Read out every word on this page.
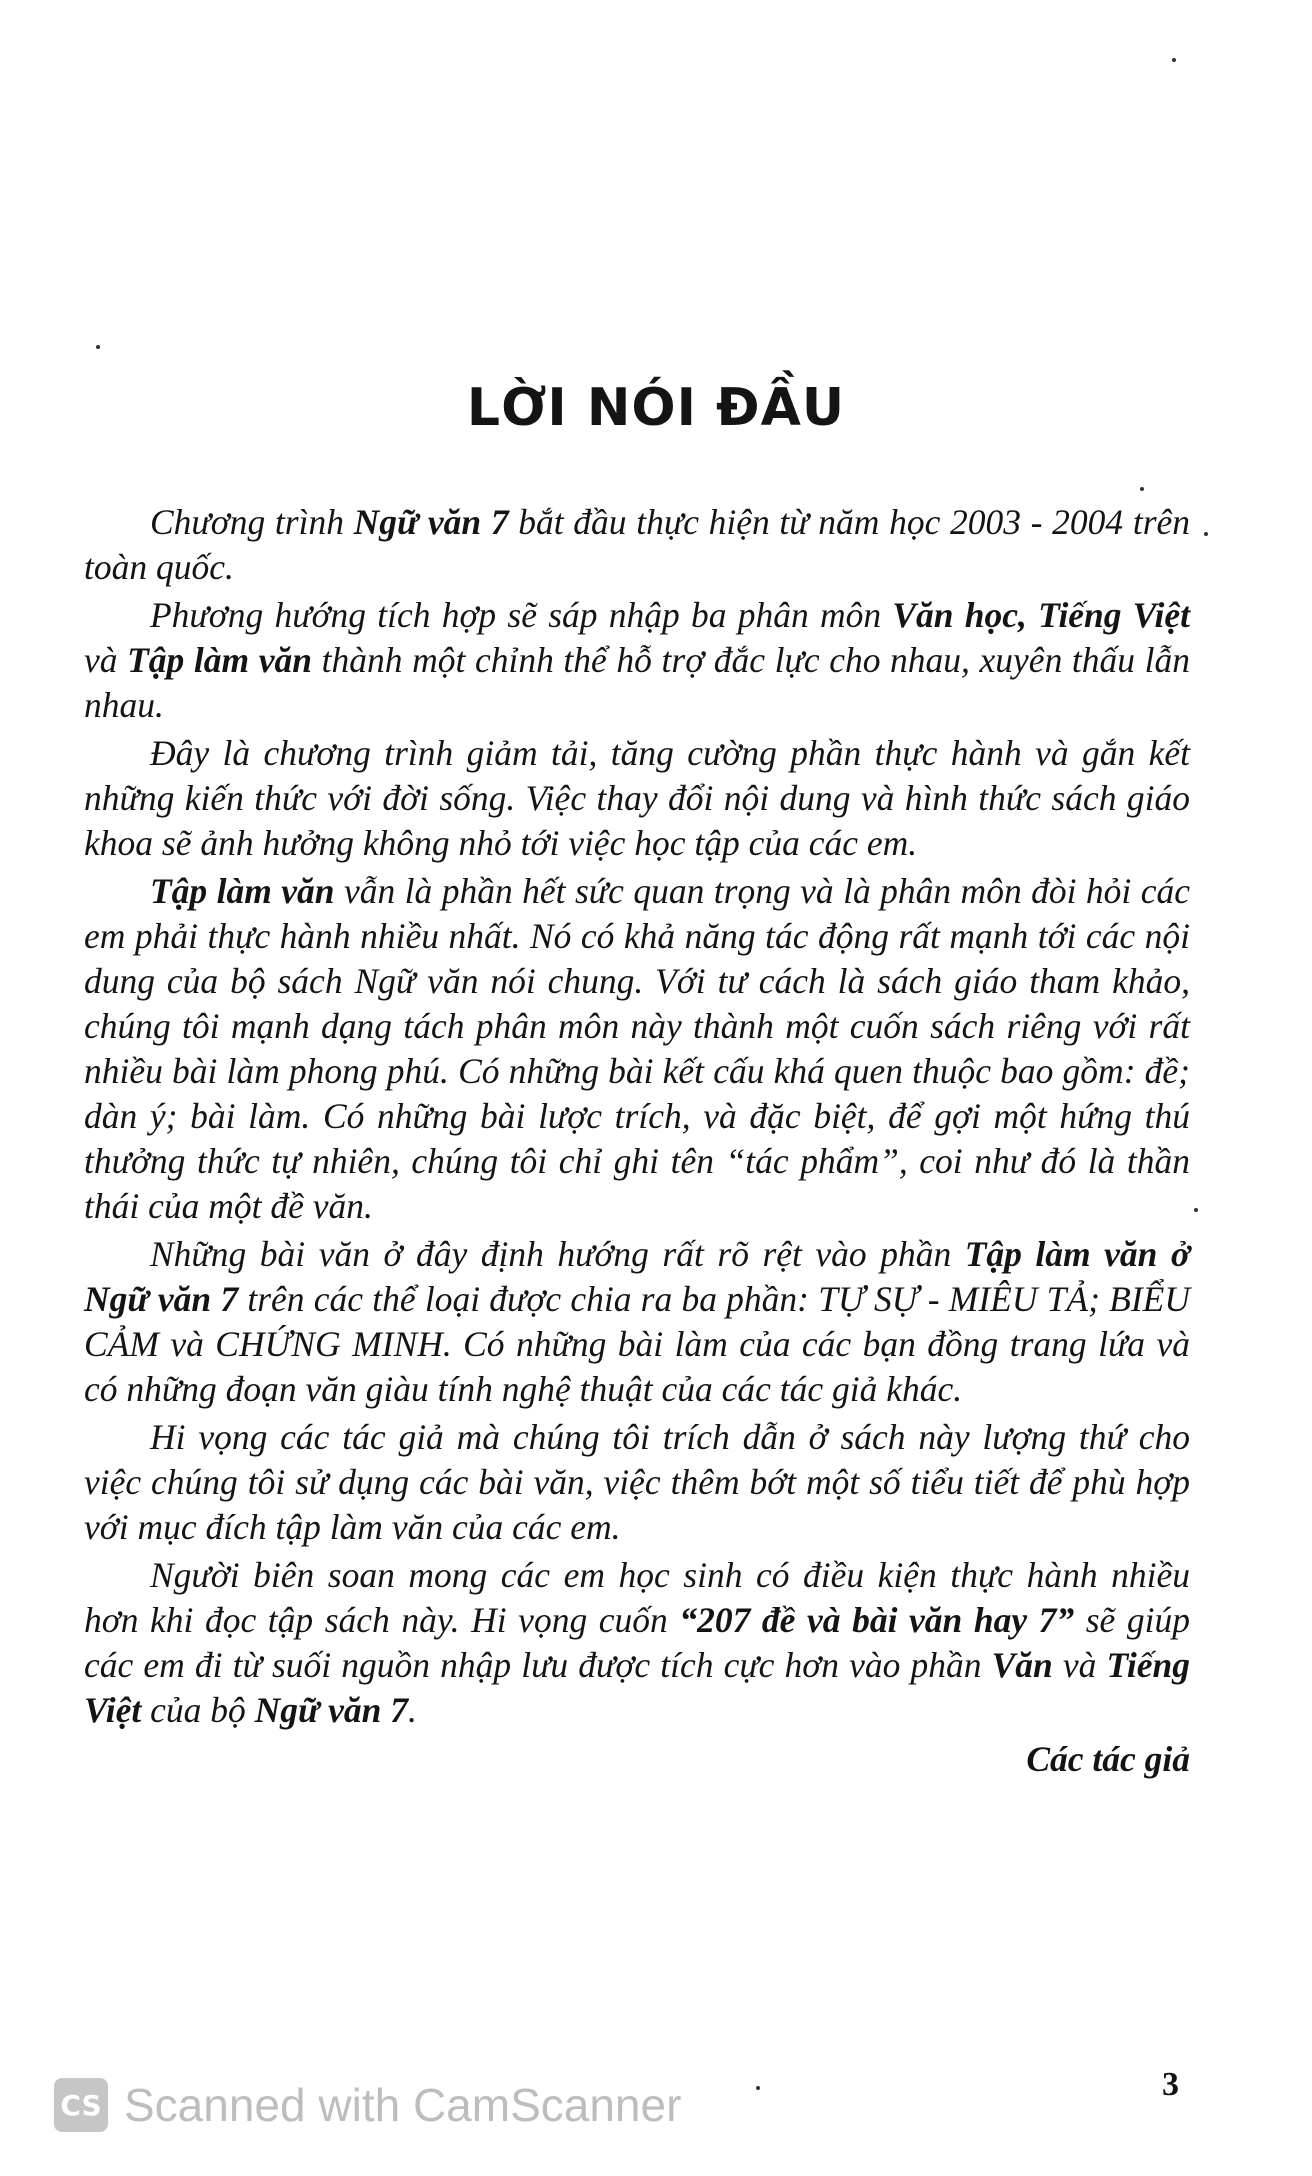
LỜI NÓI ĐẦU

Chương trình Ngữ văn 7 bắt đầu thực hiện từ năm học 2003 - 2004 trên toàn quốc.

Phương hướng tích hợp sẽ sáp nhập ba phân môn Văn học, Tiếng Việt và Tập làm văn thành một chỉnh thể hỗ trợ đắc lực cho nhau, xuyên thấu lẫn nhau.

Đây là chương trình giảm tải, tăng cường phần thực hành và gắn kết những kiến thức với đời sống. Việc thay đổi nội dung và hình thức sách giáo khoa sẽ ảnh hưởng không nhỏ tới việc học tập của các em.

Tập làm văn vẫn là phần hết sức quan trọng và là phân môn đòi hỏi các em phải thực hành nhiều nhất. Nó có khả năng tác động rất mạnh tới các nội dung của bộ sách Ngữ văn nói chung. Với tư cách là sách giáo tham khảo, chúng tôi mạnh dạng tách phân môn này thành một cuốn sách riêng với rất nhiều bài làm phong phú. Có những bài kết cấu khá quen thuộc bao gồm: đề; dàn ý; bài làm. Có những bài lược trích, và đặc biệt, để gợi một hứng thú thưởng thức tự nhiên, chúng tôi chỉ ghi tên “tác phẩm”, coi như đó là thần thái của một đề văn.

Những bài văn ở đây định hướng rất rõ rệt vào phần Tập làm văn ở Ngữ văn 7 trên các thể loại được chia ra ba phần: TỰ SỰ - MIÊU TẢ; BIỂU CẢM và CHỨNG MINH. Có những bài làm của các bạn đồng trang lứa và có những đoạn văn giàu tính nghệ thuật của các tác giả khác.

Hi vọng các tác giả mà chúng tôi trích dẫn ở sách này lượng thứ cho việc chúng tôi sử dụng các bài văn, việc thêm bớt một số tiểu tiết để phù hợp với mục đích tập làm văn của các em.

Người biên soan mong các em học sinh có điều kiện thực hành nhiều hơn khi đọc tập sách này. Hi vọng cuốn “207 đề và bài văn hay 7” sẽ giúp các em đi từ suối nguồn nhập lưu được tích cực hơn vào phần Văn và Tiếng Việt của bộ Ngữ văn 7.

Các tác giả

CS Scanned with CamScanner	3
